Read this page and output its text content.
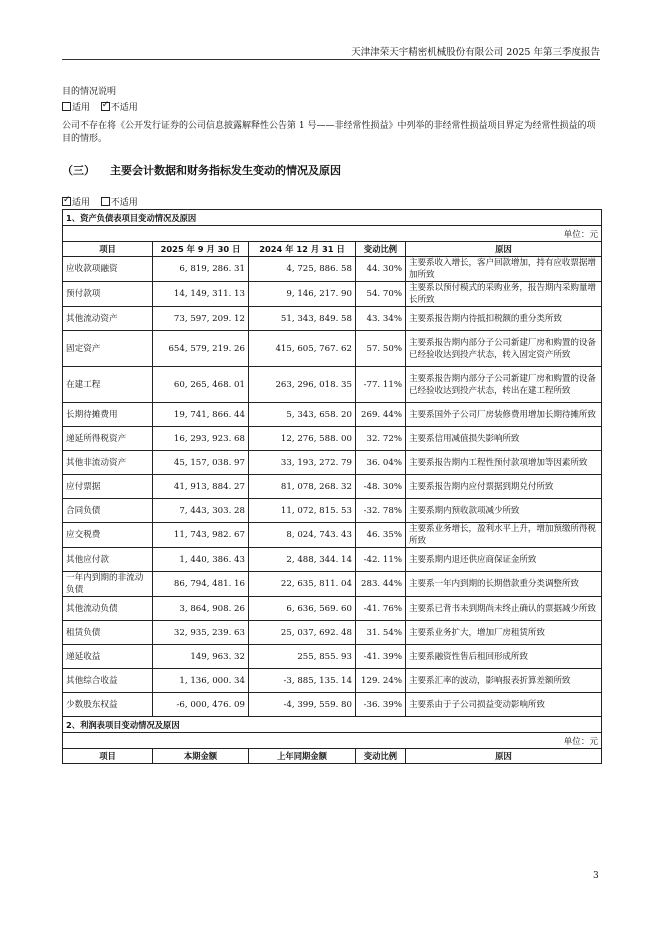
天津津荣天宇精密机械股份有限公司 2025 年第三季度报告
目的情况说明
适用 ✓ 不适用
公司不存在将《公开发行证券的公司信息披露解释性公告第 1 号——非经常性损益》中列举的非经常性损益项目界定为经常性损益的项目的情形。
（三） 主要会计数据和财务指标发生变动的情况及原因
✓适用 不适用
1、资产负债表项目变动情况及原因				
单位：元				
项目	2025 年 9 月 30 日	2024 年 12 月 31 日	变动比例	原因
应收款项融资	6, 819, 286. 31	4, 725, 886. 58	44. 30%	主要系收入增长，客户回款增加，持有应收票据增加所致
预付款项	14, 149, 311. 13	9, 146, 217. 90	54. 70%	主要系以预付模式的采购业务，报告期内采购量增长所致
其他流动资产	73, 597, 209. 12	51, 343, 849. 58	43. 34%	主要系报告期内待抵扣税额的重分类所致
固定资产	654, 579, 219. 26	415, 605, 767. 62	57. 50%	主要系报告期内部分子公司新建厂房和购置的设备已经验收达到投产状态，转入固定资产所致
在建工程	60, 265, 468. 01	263, 296, 018. 35	-77. 11%	主要系报告期内部分子公司新建厂房和购置的设备已经验收达到投产状态，转出在建工程所致
长期待摊费用	19, 741, 866. 44	5, 343, 658. 20	269. 44%	主要系国外子公司厂房装修费用增加长期待摊所致
递延所得税资产	16, 293, 923. 68	12, 276, 588. 00	32. 72%	主要系信用减值损失影响所致
其他非流动资产	45, 157, 038. 97	33, 193, 272. 79	36. 04%	主要系报告期内工程性预付款项增加等因素所致
应付票据	41, 913, 884. 27	81, 078, 268. 32	-48. 30%	主要系报告期内应付票据到期兑付所致
合同负债	7, 443, 303. 28	11, 072, 815. 53	-32. 78%	主要系期内预收款项减少所致
应交税费	11, 743, 982. 67	8, 024, 743. 43	46. 35%	主要系业务增长，盈利水平上升，增加预缴所得税所致
其他应付款	1, 440, 386. 43	2, 488, 344. 14	-42. 11%	主要系期内退还供应商保证金所致
一年内到期的非流动负债	86, 794, 481. 16	22, 635, 811. 04	283. 44%	主要系一年内到期的长期借款重分类调整所致
其他流动负债	3, 864, 908. 26	6, 636, 569. 60	-41. 76%	主要系已背书未到期尚未终止确认的票据减少所致
租赁负债	32, 935, 239. 63	25, 037, 692. 48	31. 54%	主要系业务扩大，增加厂房租赁所致
递延收益	149, 963. 32	255, 855. 93	-41. 39%	主要系融资性售后租回形成所致
其他综合收益	1, 136, 000. 34	-3, 885, 135. 14	129. 24%	主要系汇率的波动，影响报表折算差额所致
少数股东权益	-6, 000, 476. 09	-4, 399, 559. 80	-36. 39%	主要系由于子公司损益变动影响所致
2、利润表项目变动情况及原因				
单位：元				
项目	本期金额	上年同期金额	变动比例	原因
3
